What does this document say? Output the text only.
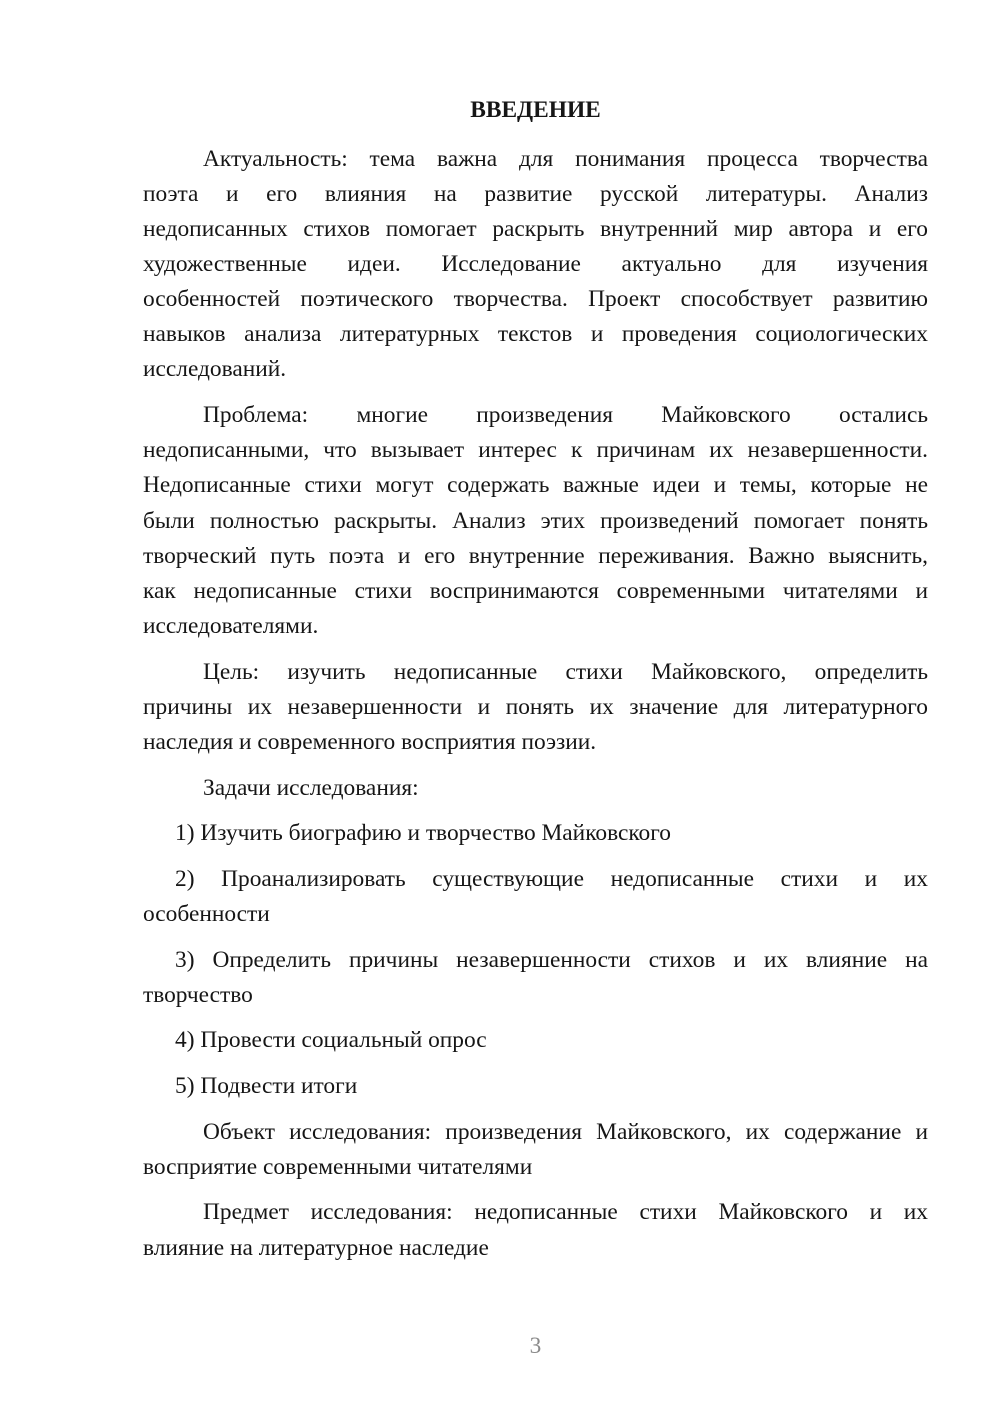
ВВЕДЕНИЕ
Актуальность: тема важна для понимания процесса творчества
поэта и его влияния на развитие русской литературы. Анализ
недописанных стихов помогает раскрыть внутренний мир автора и его
художественные идеи. Исследование актуально для изучения
особенностей поэтического творчества. Проект способствует развитию
навыков анализа литературных текстов и проведения социологических
исследований.
Проблема: многие произведения Майковского остались
недописанными, что вызывает интерес к причинам их незавершенности.
Недописанные стихи могут содержать важные идеи и темы, которые не
были полностью раскрыты. Анализ этих произведений помогает понять
творческий путь поэта и его внутренние переживания. Важно выяснить,
как недописанные стихи воспринимаются современными читателями и
исследователями.
Цель: изучить недописанные стихи Майковского, определить
причины их незавершенности и понять их значение для литературного
наследия и современного восприятия поэзии.
Задачи исследования:
1) Изучить биографию и творчество Майковского
2) Проанализировать существующие недописанные стихи и их
особенности
3) Определить причины незавершенности стихов и их влияние на
творчество
4) Провести социальный опрос
5) Подвести итоги
Объект исследования: произведения Майковского, их содержание и
восприятие современными читателями
Предмет исследования: недописанные стихи Майковского и их
влияние на литературное наследие
3
